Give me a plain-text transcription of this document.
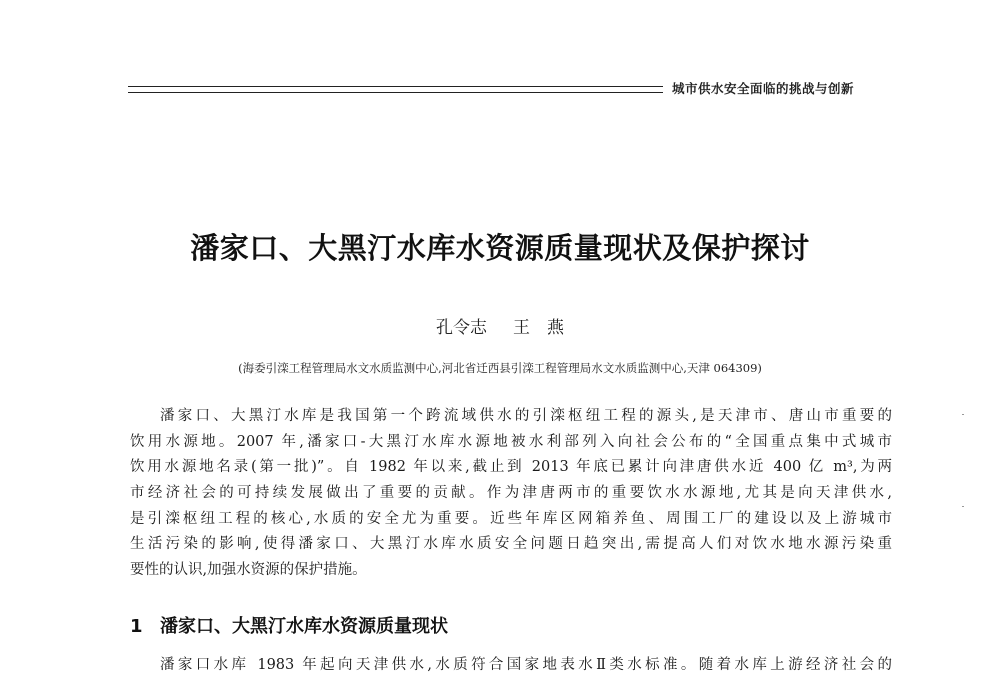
城市供水安全面临的挑战与创新
潘家口、大黑汀水库水资源质量现状及保护探讨
孔令志 王　燕
(海委引滦工程管理局水文水质监测中心,河北省迁西县引滦工程管理局水文水质监测中心,天津 064309)
潘家口、大黑汀水库是我国第一个跨流域供水的引滦枢纽工程的源头,是天津市、唐山市重要的
饮用水源地。2007 年,潘家口-大黑汀水库水源地被水利部列入向社会公布的“全国重点集中式城市
饮用水源地名录(第一批)”。自 1982 年以来,截止到 2013 年底已累计向津唐供水近 400 亿 m³,为两
市经济社会的可持续发展做出了重要的贡献。作为津唐两市的重要饮水水源地,尤其是向天津供水,
是引滦枢纽工程的核心,水质的安全尤为重要。近些年库区网箱养鱼、周围工厂的建设以及上游城市
生活污染的影响,使得潘家口、大黑汀水库水质安全问题日趋突出,需提高人们对饮水地水源污染重
要性的认识,加强水资源的保护措施。
1 潘家口、大黑汀水库水资源质量现状
潘家口水库 1983 年起向天津供水,水质符合国家地表水Ⅱ类水标准。随着水库上游经济社会的
